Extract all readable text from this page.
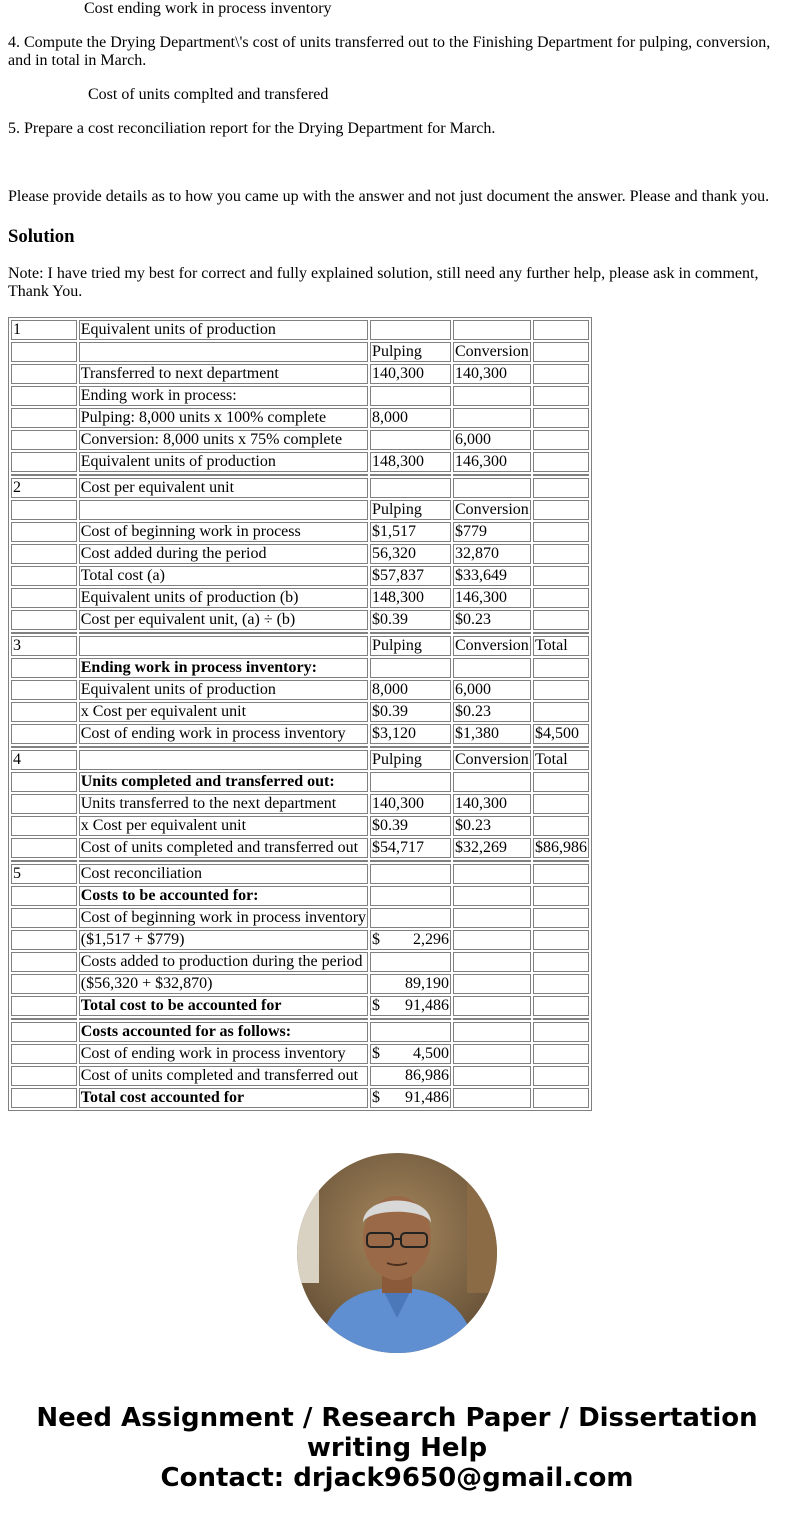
Cost ending work in process inventory

4. Compute the Drying Department\'s cost of units transferred out to the Finishing Department for pulping, conversion, and in total in March.

Cost of units complted and transfered

5. Prepare a cost reconciliation report for the Drying Department for March.

Please provide details as to how you came up with the answer and not just document the answer. Please and thank you.

Solution

Note: I have tried my best for correct and fully explained solution, still need any further help, please ask in comment, Thank You.

1	Equivalent units of production			
		Pulping	Conversion	
	Transferred to next department	140,300	140,300	
	Ending work in process:			
	Pulping: 8,000 units x 100% complete	8,000		
	Conversion: 8,000 units x 75% complete		6,000	
	Equivalent units of production	148,300	146,300	

2	Cost per equivalent unit			
		Pulping	Conversion	
	Cost of beginning work in process	$1,517	$779	
	Cost added during the period	56,320	32,870	
	Total cost (a)	$57,837	$33,649	
	Equivalent units of production (b)	148,300	146,300	
	Cost per equivalent unit, (a) ÷ (b)	$0.39	$0.23	

3		Pulping	Conversion	Total
	Ending work in process inventory:			
	Equivalent units of production	8,000	6,000	
	x Cost per equivalent unit	$0.39	$0.23	
	Cost of ending work in process inventory	$3,120	$1,380	$4,500

4		Pulping	Conversion	Total
	Units completed and transferred out:			
	Units transferred to the next department	140,300	140,300	
	x Cost per equivalent unit	$0.39	$0.23	
	Cost of units completed and transferred out	$54,717	$32,269	$86,986

5	Cost reconciliation			
	Costs to be accounted for:			
	Cost of beginning work in process inventory			
	($1,517 + $779)	$ 2,296		

	Costs added to production during the period			
	($56,320 + $32,870)	89,190		
	Total cost to be accounted for	$ 91,486		

	Costs accounted for as follows:			
	Cost of ending work in process inventory	$ 4,500		

	Cost of units completed and transferred out	86,986		
	Total cost accounted for	$ 91,486		

Need Assignment / Research Paper / Dissertation
writing Help
Contact: drjack9650@gmail.com
